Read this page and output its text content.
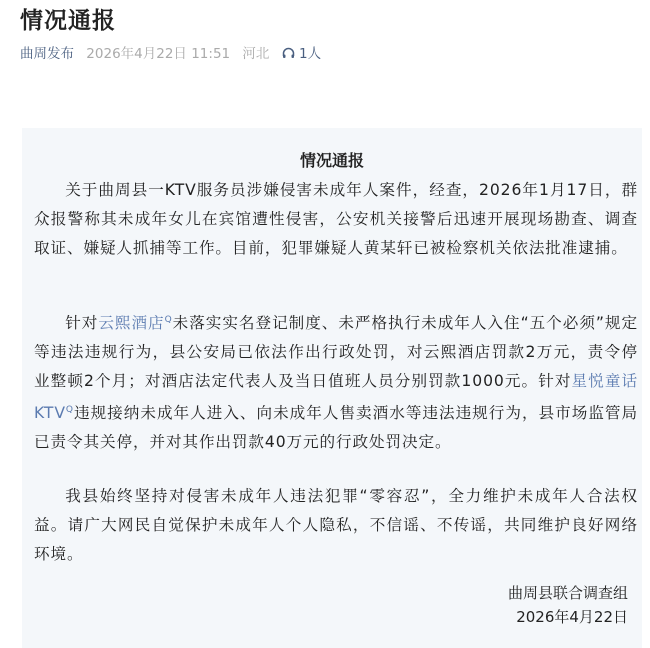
情况通报
曲周发布 2026年4月22日 11:51 河北 1人
情况通报

关于曲周县一KTV服务员涉嫌侵害未成年人案件，经查，2026年1月17日，群众报警称其未成年女儿在宾馆遭性侵害，公安机关接警后迅速开展现场勘查、调查取证、嫌疑人抓捕等工作。目前，犯罪嫌疑人黄某轩已被检察机关依法批准逮捕。

针对云熙酒店$^Q$未落实实名登记制度、未严格执行未成年人入住“五个必须”规定等违法违规行为，县公安局已依法作出行政处罚，对云熙酒店罚款2万元，责令停业整顿2个月；对酒店法定代表人及当日值班人员分别罚款1000元。针对星悦童话$KTV^Q$违规接纳未成年人进入、向未成年人售卖酒水等违法违规行为，县市场监管局已责令其关停，并对其作出罚款40万元的行政处罚决定。

我县始终坚持对侵害未成年人违法犯罪“零容忍”，全力维护未成年人合法权益。请广大网民自觉保护未成年人个人隐私，不信谣、不传谣，共同维护良好网络环境。

曲周县联合调查组
2026年4月22日
